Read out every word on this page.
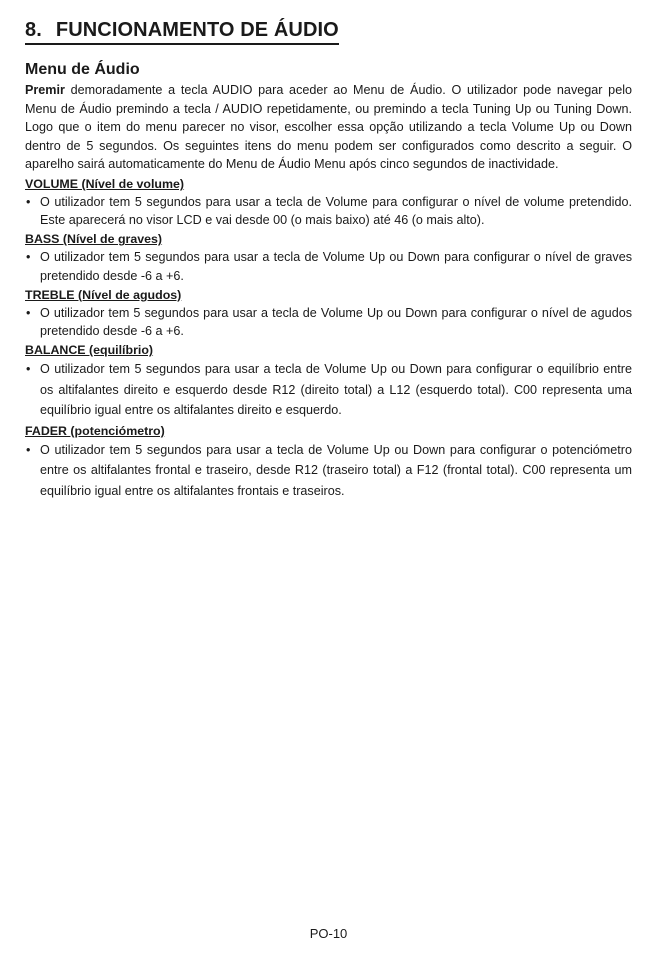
8. FUNCIONAMENTO DE ÁUDIO
Menu de Áudio

Premir demoradamente a tecla AUDIO para aceder ao Menu de Áudio. O utilizador pode navegar pelo Menu de Áudio premindo a tecla / AUDIO repetidamente, ou premindo a tecla Tuning Up ou Tuning Down. Logo que o item do menu parecer no visor, escolher essa opção utilizando a tecla Volume Up ou Down dentro de 5 segundos. Os seguintes itens do menu podem ser configurados como descrito a seguir. O aparelho sairá automaticamente do Menu de Áudio Menu após cinco segundos de inactividade.

VOLUME (Nível de volume)
• O utilizador tem 5 segundos para usar a tecla de Volume para configurar o nível de volume pretendido. Este aparecerá no visor LCD e vai desde 00 (o mais baixo) até 46 (o mais alto).
BASS (Nível de graves)
• O utilizador tem 5 segundos para usar a tecla de Volume Up ou Down para configurar o nível de graves pretendido desde -6 a +6.
TREBLE (Nível de agudos)
• O utilizador tem 5 segundos para usar a tecla de Volume Up ou Down para configurar o nível de agudos pretendido desde -6 a +6.
BALANCE (equilíbrio)
• O utilizador tem 5 segundos para usar a tecla de Volume Up ou Down para configurar o equilíbrio entre os altifalantes direito e esquerdo desde R12 (direito total) a L12 (esquerdo total). C00 representa uma equilíbrio igual entre os altifalantes direito e esquerdo.
FADER (potenciómetro)
• O utilizador tem 5 segundos para usar a tecla de Volume Up ou Down para configurar o potenciómetro entre os altifalantes frontal e traseiro, desde R12 (traseiro total) a F12 (frontal total). C00 representa um equilíbrio igual entre os altifalantes frontais e traseiros.
PO-10
